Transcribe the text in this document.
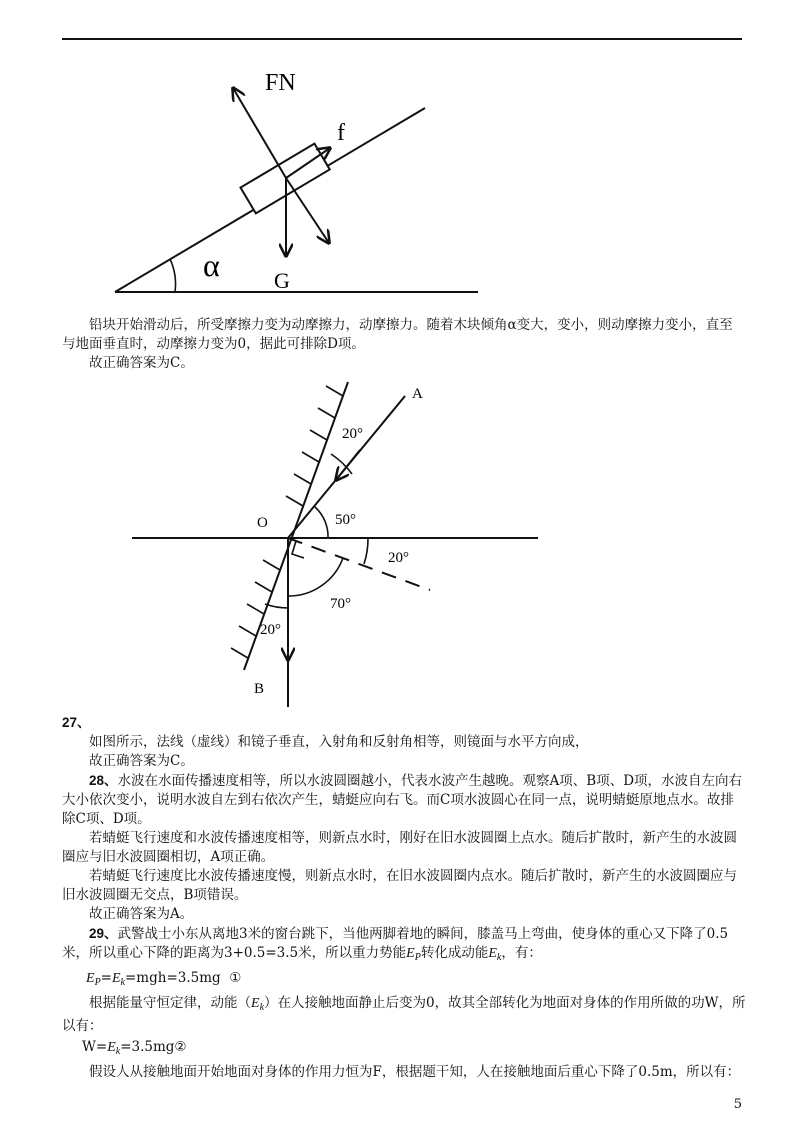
FN
f
α G

铅块开始滑动后，所受摩擦力变为动摩擦力，动摩擦力。随着木块倾角α变大，变小，则动摩擦力变小，直至与地面垂直时，动摩擦力变为0，据此可排除D项。

故正确答案为C。

A
O
B
20°
50°
20°
70°
20°

27、

如图所示，法线（虚线）和镜子垂直，入射角和反射角相等，则镜面与水平方向成，

故正确答案为C。

28、水波在水面传播速度相等，所以水波圆圈越小，代表水波产生越晚。观察A项、B项、D项，水波自左向右大小依次变小，说明水波自左到右依次产生，蜻蜓应向右飞。而C项水波圆心在同一点，说明蜻蜓原地点水。故排除C项、D项。

若蜻蜓飞行速度和水波传播速度相等，则新点水时，刚好在旧水波圆圈上点水。随后扩散时，新产生的水波圆圈应与旧水波圆圈相切，A项正确。

若蜻蜓飞行速度比水波传播速度慢，则新点水时，在旧水波圆圈内点水。随后扩散时，新产生的水波圆圈应与旧水波圆圈无交点，B项错误。

故正确答案为A。

29、武警战士小东从离地3米的窗台跳下，当他两脚着地的瞬间，膝盖马上弯曲，使身体的重心又下降了0.5米，所以重心下降的距离为3+0.5=3.5米，所以重力势能$E_P$转化成动能$E_k$，有：

$E_P=E_k=mgh=3.5mg$ ①

根据能量守恒定律，动能$(E_k)$在人接触地面静止后变为0，故其全部转化为地面对身体的作用所做的功W，所以有：

$W=E_k=3.5mg②$

假设人从接触地面开始地面对身体的作用力恒为F，根据题干知，人在接触地面后重心下降了0.5m，所以有：

5
